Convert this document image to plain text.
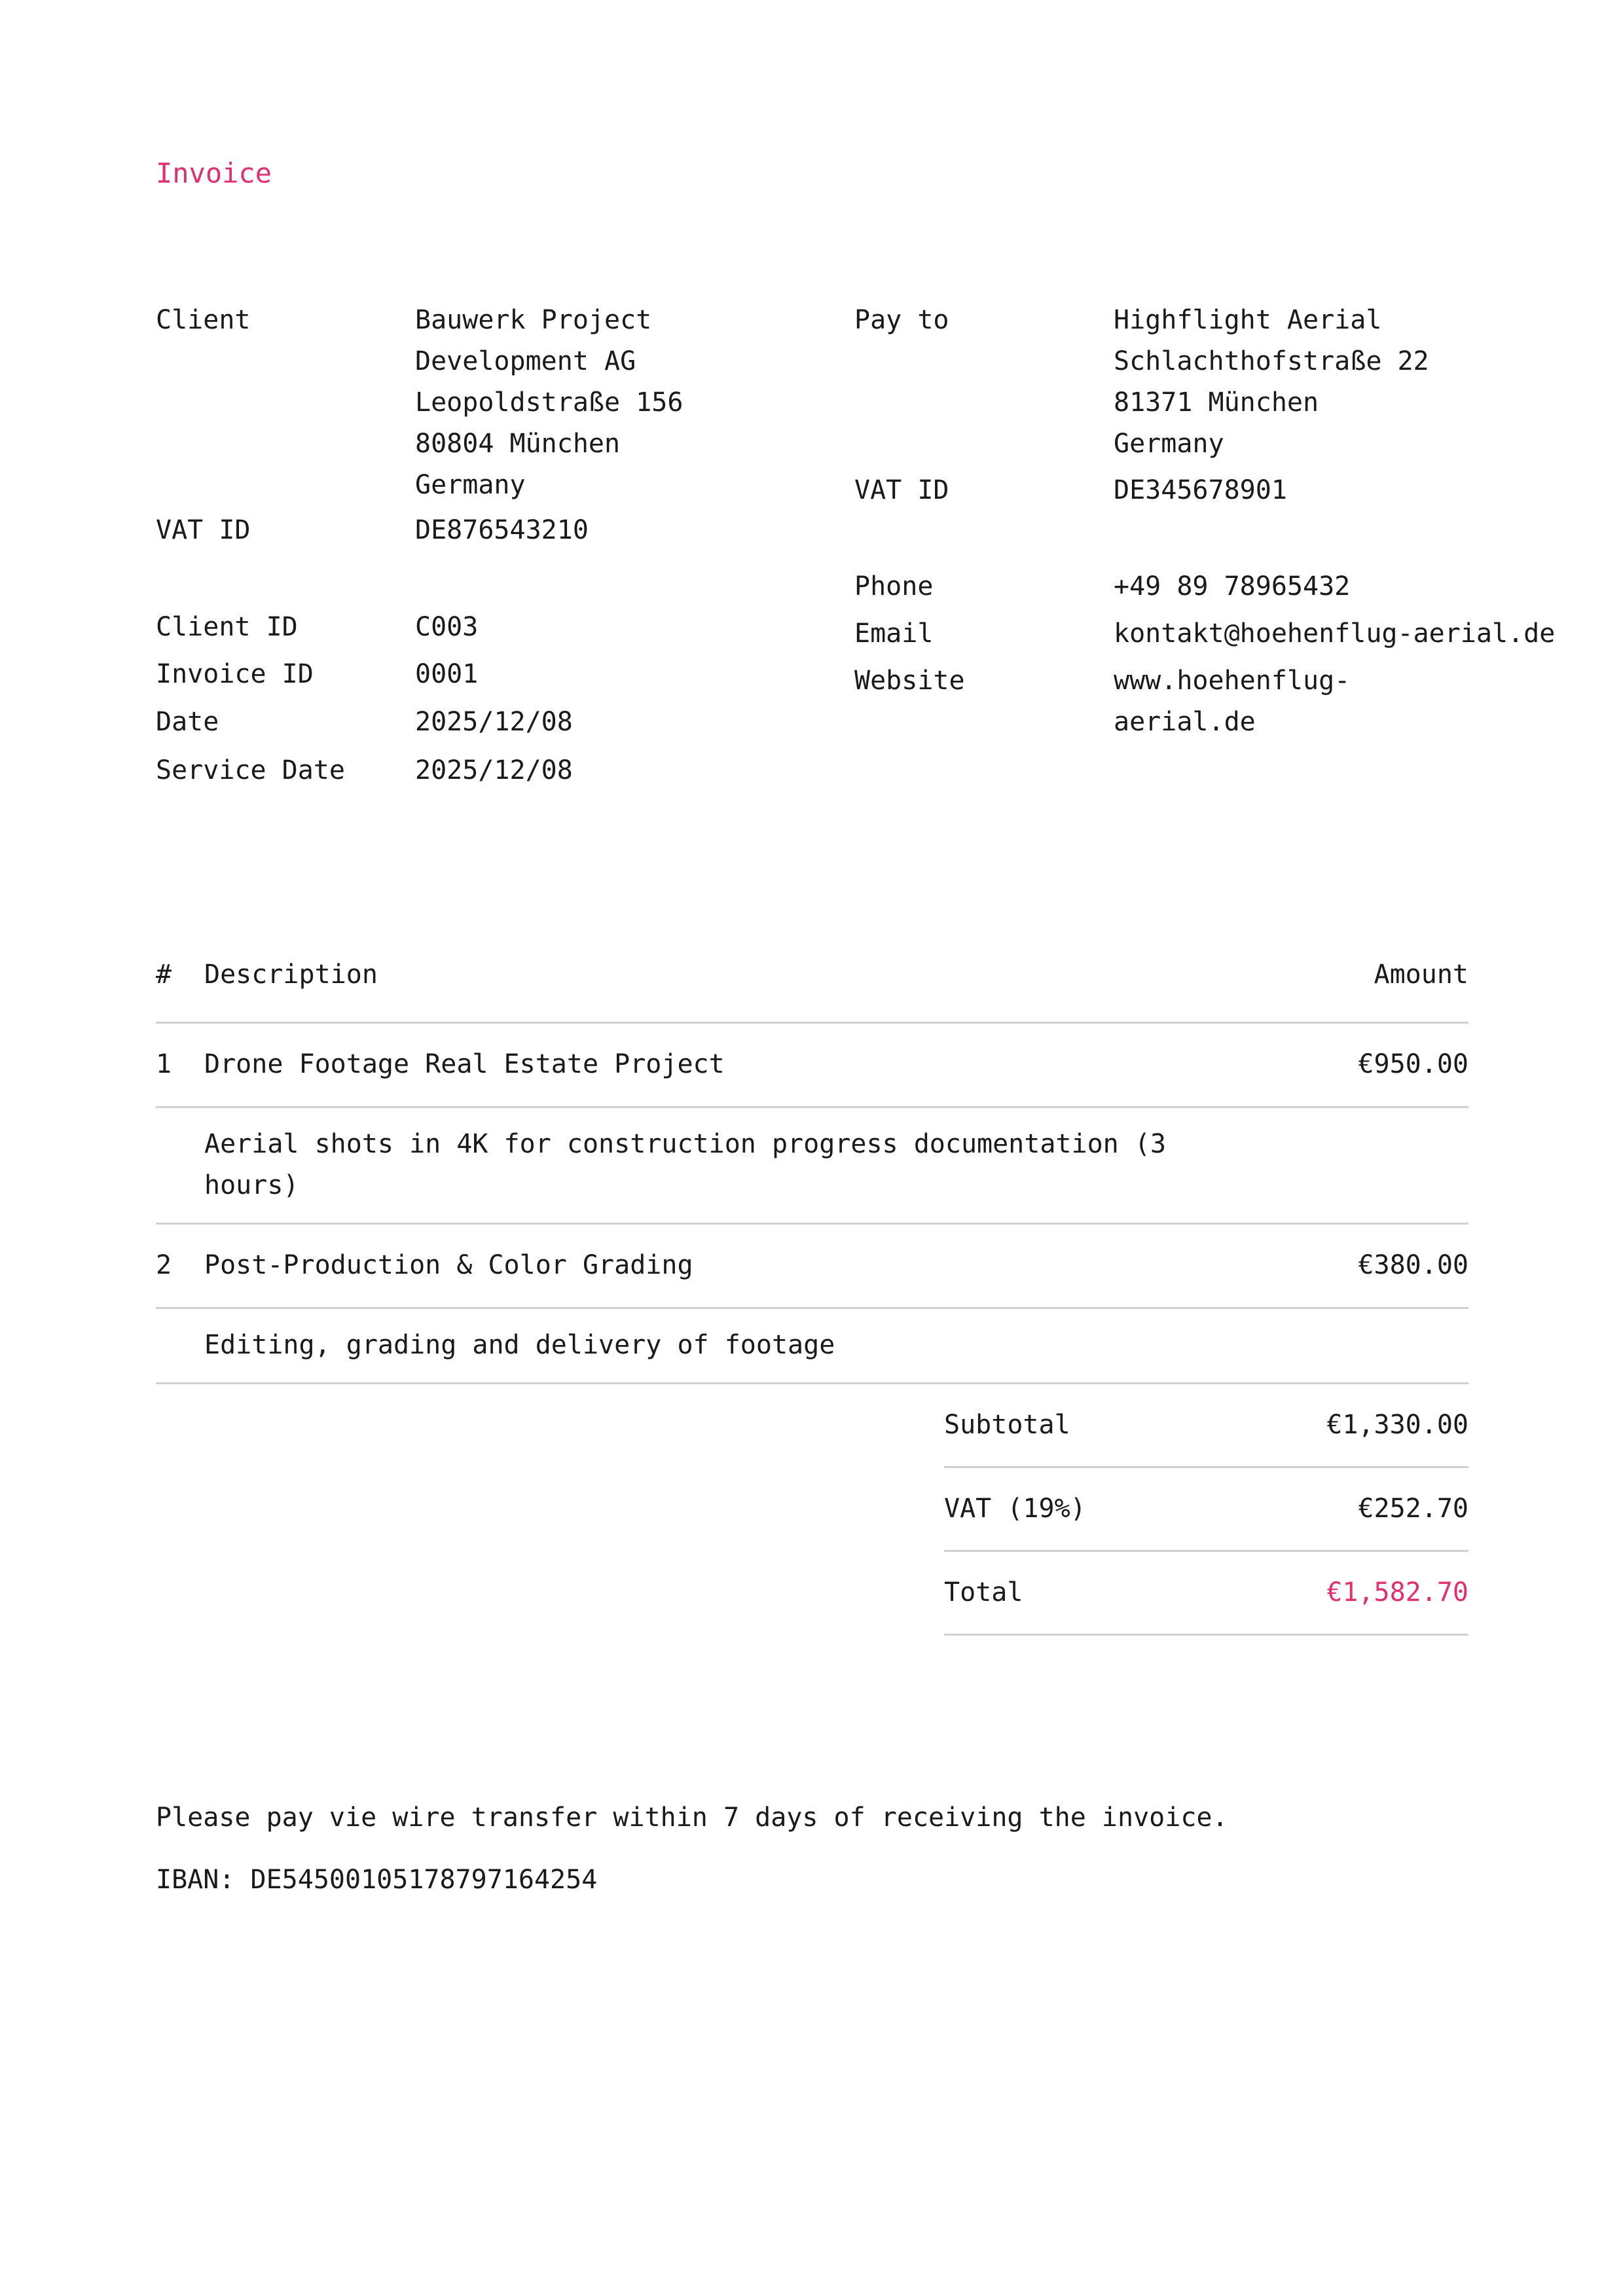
Invoice
Client	Bauwerk Project
Development AG
Leopoldstraße 156
80804 München
Germany
VAT ID	DE876543210
Client ID	C003
Invoice ID	0001
Date	2025/12/08
Service Date	2025/12/08
Pay to	Highflight Aerial
Schlachthofstraße 22
81371 München
Germany
VAT ID	DE345678901
Phone	+49 89 78965432
Email	kontakt@hoehenflug-aerial.de
Website	www.hoehenflug-
aerial.de
# Description	Amount
1 Drone Footage Real Estate Project	€950.00
Aerial shots in 4K for construction progress documentation (3
hours)
2 Post-Production & Color Grading	€380.00
Editing, grading and delivery of footage
Subtotal	€1,330.00
VAT (19%)	€252.70
Total	€1,582.70
Please pay vie wire transfer within 7 days of receiving the invoice.
IBAN: DE54500105178797164254
